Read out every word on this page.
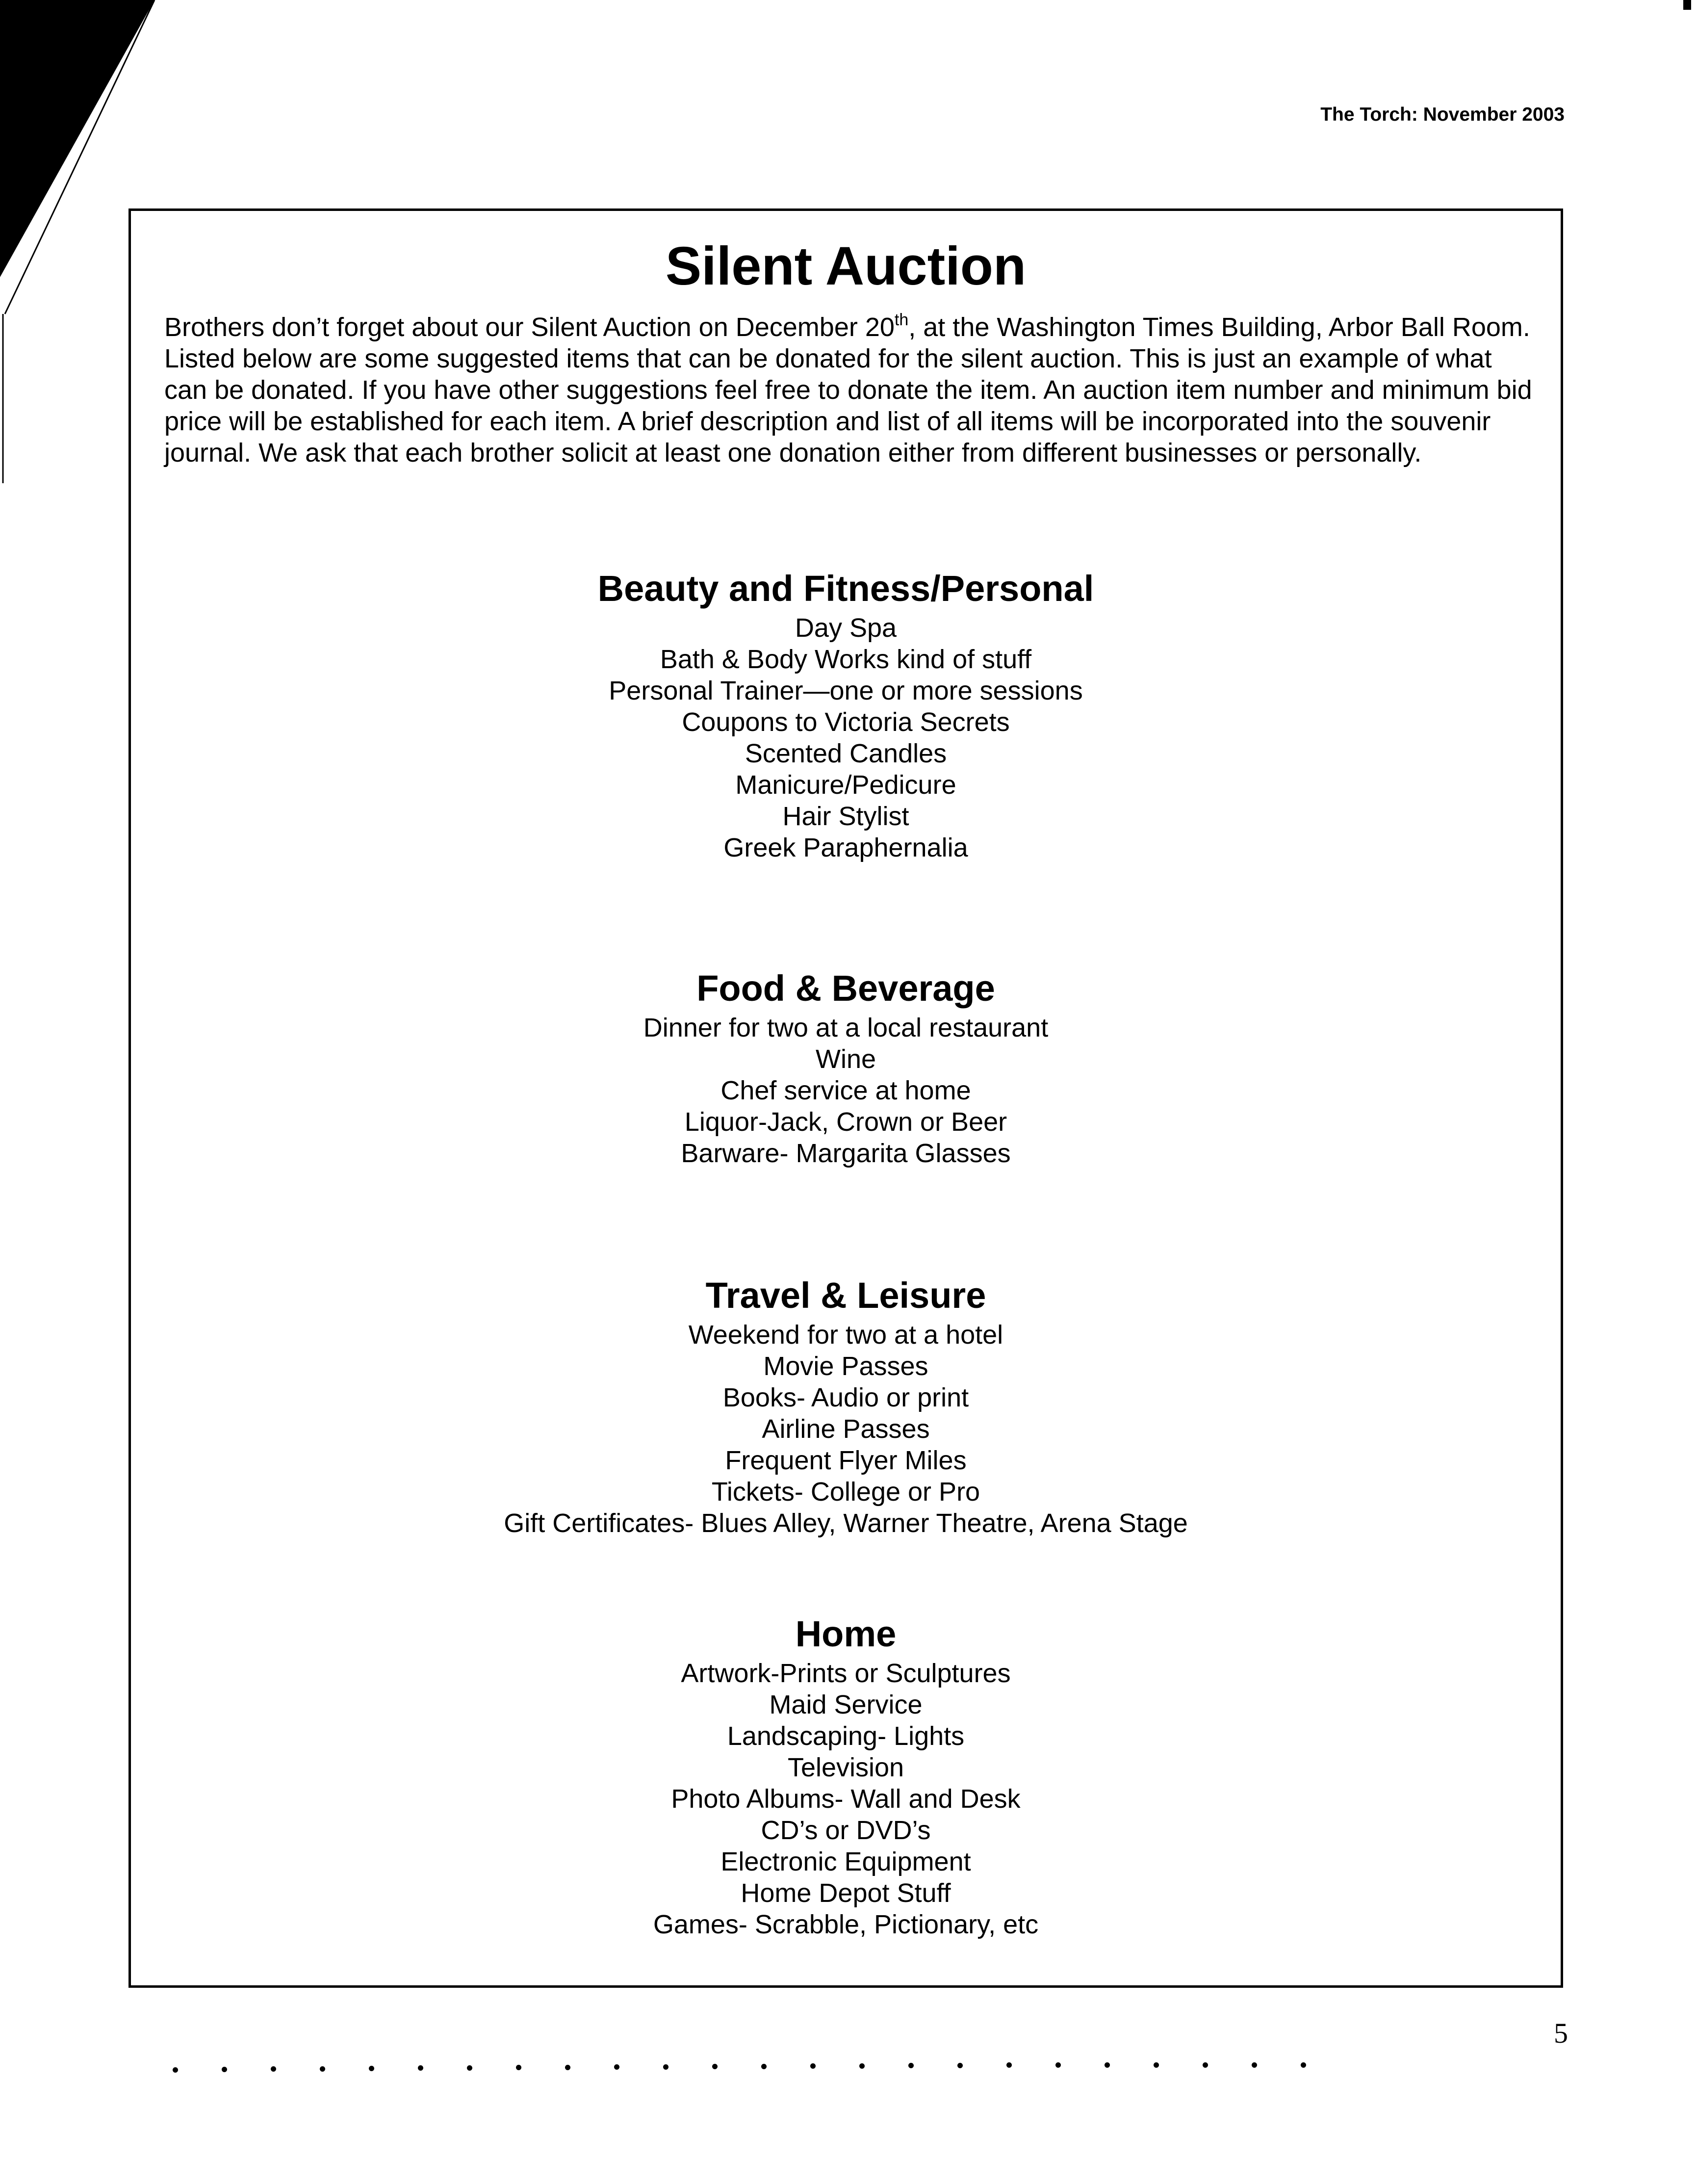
The Torch: November 2003
Silent Auction

Brothers don’t forget about our Silent Auction on December 20th, at the Washington Times Building, Arbor Ball Room. Listed below are some suggested items that can be donated for the silent auction. This is just an example of what can be donated. If you have other suggestions feel free to donate the item. An auction item number and minimum bid price will be established for each item. A brief description and list of all items will be incorporated into the souvenir journal. We ask that each brother solicit at least one donation either from different businesses or personally.

Beauty and Fitness/Personal
Day Spa
Bath & Body Works kind of stuff
Personal Trainer—one or more sessions
Coupons to Victoria Secrets
Scented Candles
Manicure/Pedicure
Hair Stylist
Greek Paraphernalia
Food & Beverage
Dinner for two at a local restaurant
Wine
Chef service at home
Liquor-Jack, Crown or Beer
Barware- Margarita Glasses
Travel & Leisure
Weekend for two at a hotel
Movie Passes
Books- Audio or print
Airline Passes
Frequent Flyer Miles
Tickets- College or Pro
Gift Certificates- Blues Alley, Warner Theatre, Arena Stage
Home
Artwork-Prints or Sculptures
Maid Service
Landscaping- Lights
Television
Photo Albums- Wall and Desk
CD’s or DVD’s
Electronic Equipment
Home Depot Stuff
Games- Scrabble, Pictionary, etc
5
